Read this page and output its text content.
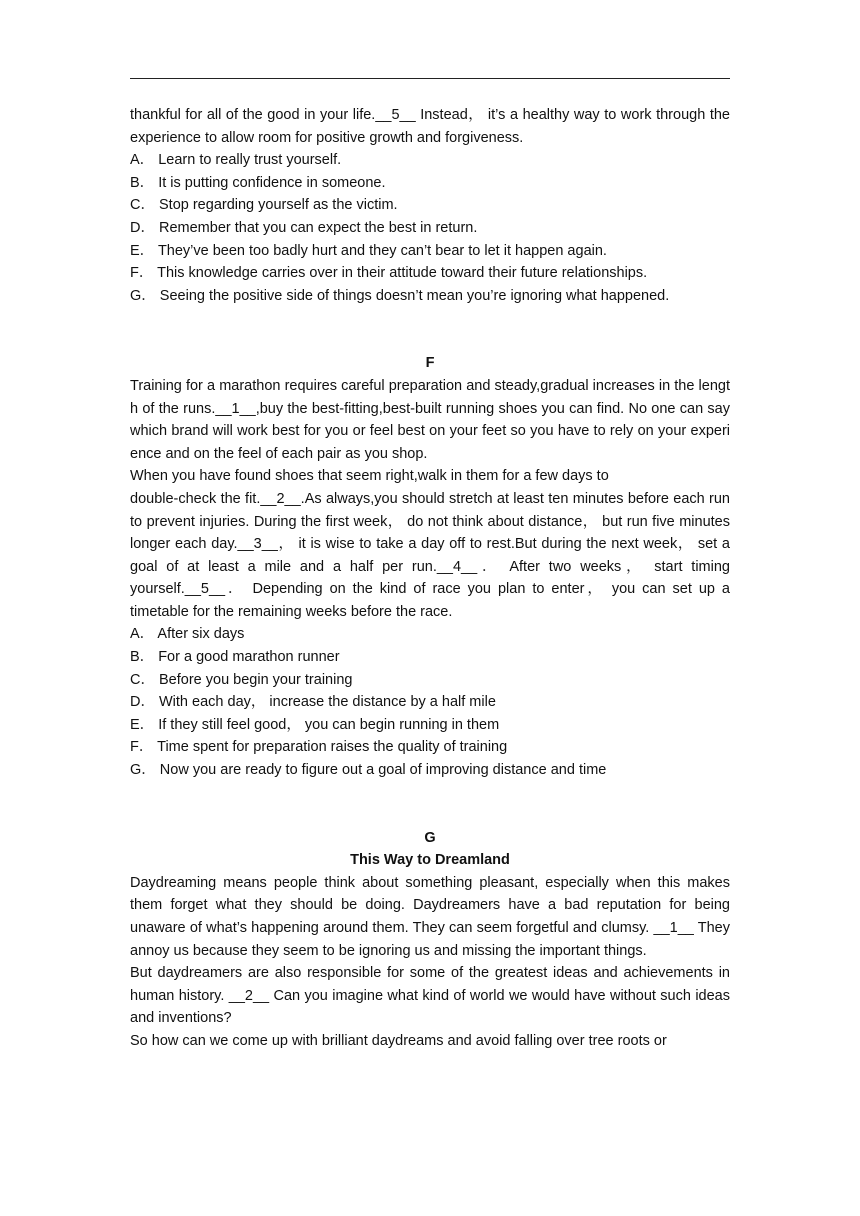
thankful for all of the good in your life.__5__ Instead， it’s a healthy way to work through the experience to allow room for positive growth and forgiveness.
A． Learn to really trust yourself.
B． It is putting confidence in someone.
C． Stop regarding yourself as the victim.
D． Remember that you can expect the best in return.
E． They’ve been too badly hurt and they can’t bear to let it happen again.
F． This knowledge carries over in their attitude toward their future relationships.
G． Seeing the positive side of things doesn’t mean you’re ignoring what happened.
F
Training for a marathon requires careful preparation and steady,gradual increases in the length of the runs.__1__,buy the best-fitting,best-built running shoes you can find. No one can say which brand will work best for you or feel best on your feet so you have to rely on your experience and on the feel of each pair as you shop.
When you have found shoes that seem right,walk in them for a few days to
double-check the fit.__2__.As always,you should stretch at least ten minutes before each run to prevent injuries. During the first week， do not think about distance， but run five minutes longer each day.__3__， it is wise to take a day off to rest.But during the next week， set a goal of at least a mile and a half per run.__4__． After two weeks， start timing yourself.__5__． Depending on the kind of race you plan to enter， you can set up a timetable for the remaining weeks before the race.
A． After six days
B． For a good marathon runner
C． Before you begin your training
D． With each day， increase the distance by a half mile
E． If they still feel good， you can begin running in them
F． Time spent for preparation raises the quality of training
G． Now you are ready to figure out a goal of improving distance and time
G
This Way to Dreamland
Daydreaming means people think about something pleasant, especially when this makes them forget what they should be doing. Daydreamers have a bad reputation for being unaware of what’s happening around them. They can seem forgetful and clumsy. __1__ They annoy us because they seem to be ignoring us and missing the important things.
But daydreamers are also responsible for some of the greatest ideas and achievements in human history. __2__ Can you imagine what kind of world we would have without such ideas and inventions?
So how can we come up with brilliant daydreams and avoid falling over tree roots or
